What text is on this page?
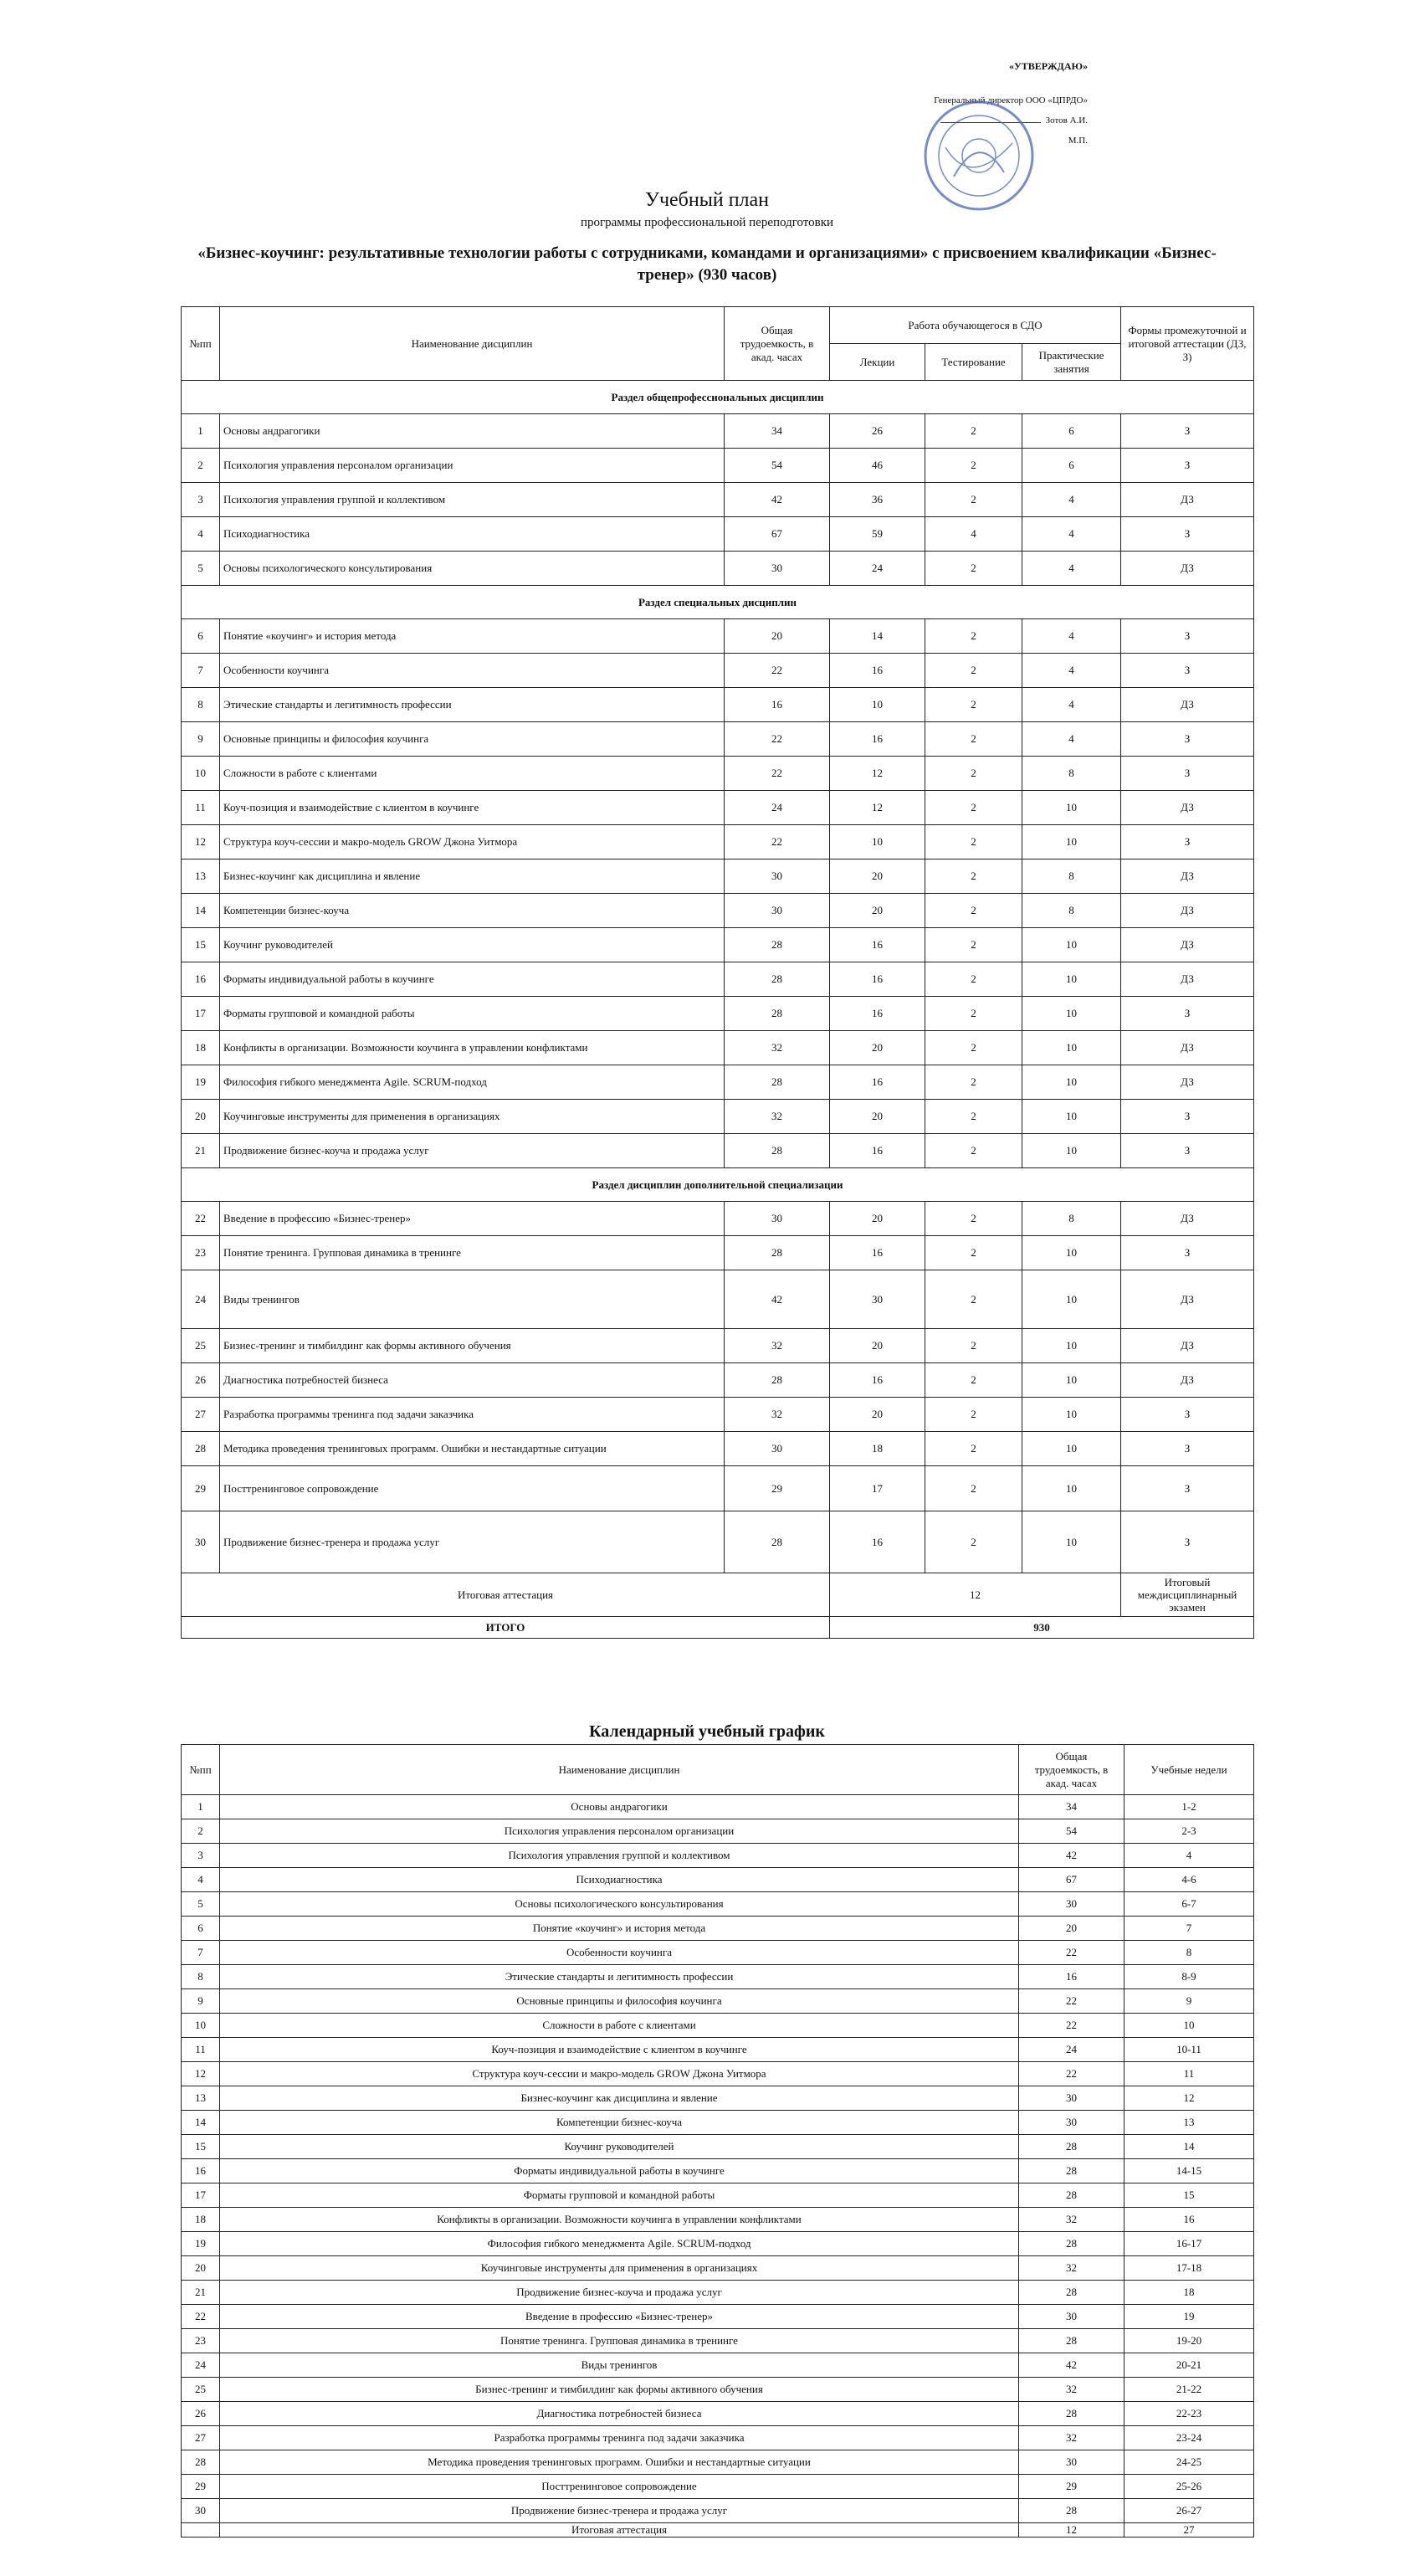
«УТВЕРЖДАЮ»
Генеральный директор ООО «ЦПРДО»
Зотов А.И.
М.П.
Учебный план
программы профессиональной переподготовки
«Бизнес-коучинг: результативные технологии работы с сотрудниками, командами и организациями» с присвоением квалификации «Бизнес-тренер» (930 часов)
№пп	Наименование дисциплин	Общая трудоемкость, в акад. часах	Работа обучающегося в СДО			Формы промежуточной и итоговой аттестации (ДЗ, З)
			Лекции	Тестирование	Практические занятия	
Раздел общепрофессиональных дисциплин						
1	Основы андрагогики	34	26	2	6	З
2	Психология управления персоналом организации	54	46	2	6	З
3	Психология управления группой и коллективом	42	36	2	4	ДЗ
4	Психодиагностика	67	59	4	4	З
5	Основы психологического консультирования	30	24	2	4	ДЗ
Раздел специальных дисциплин						
6	Понятие «коучинг» и история метода	20	14	2	4	З
7	Особенности коучинга	22	16	2	4	З
8	Этические стандарты и легитимность профессии	16	10	2	4	ДЗ
9	Основные принципы и философия коучинга	22	16	2	4	З
10	Сложности в работе с клиентами	22	12	2	8	З
11	Коуч-позиция и взаимодействие с клиентом в коучинге	24	12	2	10	ДЗ
12	Структура коуч-сессии и макро-модель GROW Джона Уитмора	22	10	2	10	З
13	Бизнес-коучинг как дисциплина и явление	30	20	2	8	ДЗ
14	Компетенции бизнес-коуча	30	20	2	8	ДЗ
15	Коучинг руководителей	28	16	2	10	ДЗ
16	Форматы индивидуальной работы в коучинге	28	16	2	10	ДЗ
17	Форматы групповой и командной работы	28	16	2	10	З
18	Конфликты в организации. Возможности коучинга в управлении конфликтами	32	20	2	10	ДЗ
19	Философия гибкого менеджмента Agile. SCRUM-подход	28	16	2	10	ДЗ
20	Коучинговые инструменты для применения в организациях	32	20	2	10	З
21	Продвижение бизнес-коуча и продажа услуг	28	16	2	10	З
Раздел дисциплин дополнительной специализации						
22	Введение в профессию «Бизнес-тренер»	30	20	2	8	ДЗ
23	Понятие тренинга. Групповая динамика в тренинге	28	16	2	10	З
24	Виды тренингов	42	30	2	10	ДЗ
25	Бизнес-тренинг и тимбилдинг как формы активного обучения	32	20	2	10	ДЗ
26	Диагностика потребностей бизнеса	28	16	2	10	ДЗ
27	Разработка программы тренинга под задачи заказчика	32	20	2	10	З
28	Методика проведения тренинговых программ. Ошибки и нестандартные ситуации	30	18	2	10	З
29	Посттренинговое сопровождение	29	17	2	10	З
30	Продвижение бизнес-тренера и продажа услуг	28	16	2	10	З
Итоговая аттестация			12			Итоговый междисциплинарный экзамен
ИТОГО			930			
Календарный учебный график
№пп	Наименование дисциплин	Общая трудоемкость, в акад. часах	Учебные недели
1	Основы андрагогики	34	1-2
2	Психология управления персоналом организации	54	2-3
3	Психология управления группой и коллективом	42	4
4	Психодиагностика	67	4-6
5	Основы психологического консультирования	30	6-7
6	Понятие «коучинг» и история метода	20	7
7	Особенности коучинга	22	8
8	Этические стандарты и легитимность профессии	16	8-9
9	Основные принципы и философия коучинга	22	9
10	Сложности в работе с клиентами	22	10
11	Коуч-позиция и взаимодействие с клиентом в коучинге	24	10-11
12	Структура коуч-сессии и макро-модель GROW Джона Уитмора	22	11
13	Бизнес-коучинг как дисциплина и явление	30	12
14	Компетенции бизнес-коуча	30	13
15	Коучинг руководителей	28	14
16	Форматы индивидуальной работы в коучинге	28	14-15
17	Форматы групповой и командной работы	28	15
18	Конфликты в организации. Возможности коучинга в управлении конфликтами	32	16
19	Философия гибкого менеджмента Agile. SCRUM-подход	28	16-17
20	Коучинговые инструменты для применения в организациях	32	17-18
21	Продвижение бизнес-коуча и продажа услуг	28	18
22	Введение в профессию «Бизнес-тренер»	30	19
23	Понятие тренинга. Групповая динамика в тренинге	28	19-20
24	Виды тренингов	42	20-21
25	Бизнес-тренинг и тимбилдинг как формы активного обучения	32	21-22
26	Диагностика потребностей бизнеса	28	22-23
27	Разработка программы тренинга под задачи заказчика	32	23-24
28	Методика проведения тренинговых программ. Ошибки и нестандартные ситуации	30	24-25
29	Посттренинговое сопровождение	29	25-26
30	Продвижение бизнес-тренера и продажа услуг	28	26-27
	Итоговая аттестация	12	27
